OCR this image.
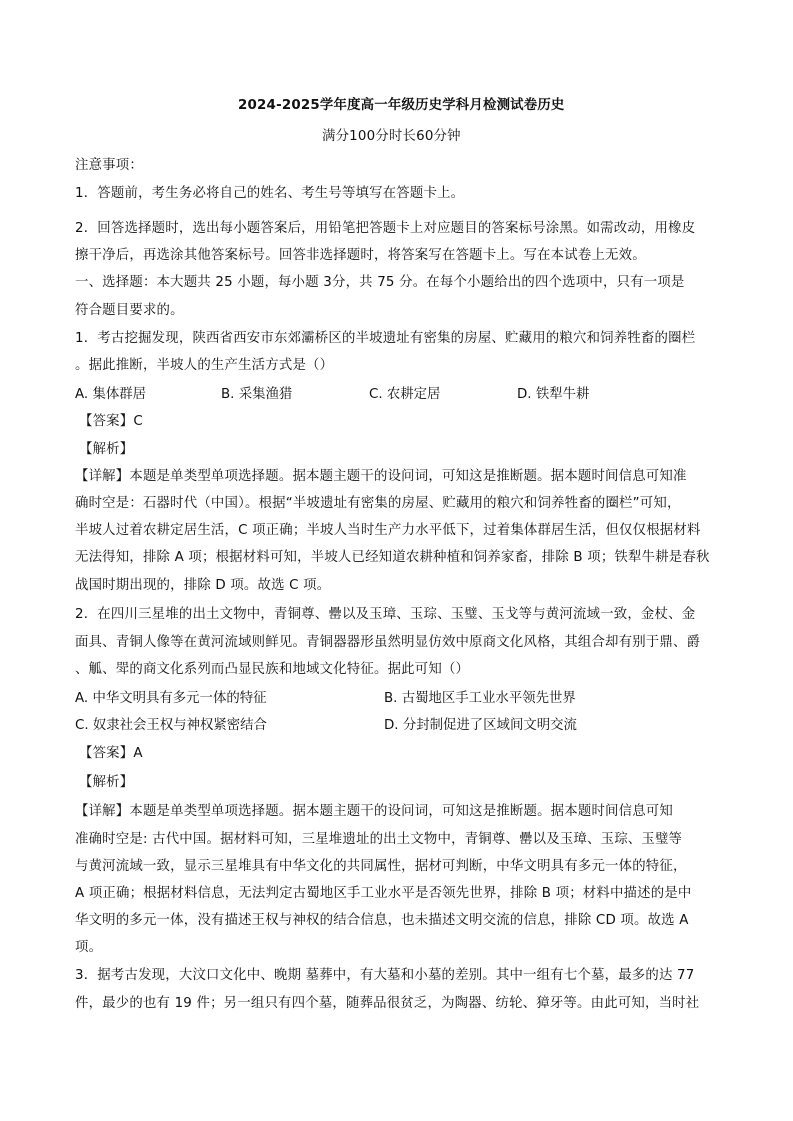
2024-2025学年度高一年级历史学科月检测试卷历史
满分100分时长60分钟
注意事项：
1．答题前，考生务必将自己的姓名、考生号等填写在答题卡上。
2．回答选择题时，选出每小题答案后，用铅笔把答题卡上对应题目的答案标号涂黑。如需改动，用橡皮
擦干净后，再选涂其他答案标号。回答非选择题时，将答案写在答题卡上。写在本试卷上无效。
一、选择题：本大题共 25 小题，每小题 3分，共 75 分。在每个小题给出的四个选项中，只有一项是
符合题目要求的。
1．考古挖掘发现，陕西省西安市东郊灞桥区的半坡遗址有密集的房屋、贮藏用的粮穴和饲养牲畜的圈栏
。据此推断，半坡人的生产生活方式是（）
A. 集体群居	B. 采集渔猎	C. 农耕定居	D. 铁犁牛耕
【答案】C
【解析】
【详解】本题是单类型单项选择题。据本题主题干的设问词，可知这是推断题。据本题时间信息可知准
确时空是：石器时代（中国）。根据“半坡遗址有密集的房屋、贮藏用的粮穴和饲养牲畜的圈栏”可知，
半坡人过着农耕定居生活，C 项正确；半坡人当时生产力水平低下，过着集体群居生活，但仅仅根据材料
无法得知，排除 A 项；根据材料可知，半坡人已经知道农耕种植和饲养家畜，排除 B 项；铁犁牛耕是春秋
战国时期出现的，排除 D 项。故选 C 项。
2．在四川三星堆的出土文物中，青铜尊、罍以及玉璋、玉琮、玉璧、玉戈等与黄河流域一致，金杖、金
面具、青铜人像等在黄河流域则鲜见。青铜器器形虽然明显仿效中原商文化风格，其组合却有别于鼎、爵
、觚、斝的商文化系列而凸显民族和地域文化特征。据此可知（）
A. 中华文明具有多元一体的特征	B. 古蜀地区手工业水平领先世界
C. 奴隶社会王权与神权紧密结合	D. 分封制促进了区域间文明交流
【答案】A
【解析】
【详解】本题是单类型单项选择题。据本题主题干的设问词，可知这是推断题。据本题时间信息可知
准确时空是: 古代中国。据材料可知，三星堆遗址的出土文物中，青铜尊、罍以及玉璋、玉琮、玉璧等
与黄河流域一致，显示三星堆具有中华文化的共同属性，据材可判断，中华文明具有多元一体的特征，
A 项正确；根据材料信息，无法判定古蜀地区手工业水平是否领先世界，排除 B 项；材料中描述的是中
华文明的多元一体，没有描述王权与神权的结合信息，也未描述文明交流的信息，排除 CD 项。故选 A
项。
3．据考古发现，大汶口文化中、晚期 墓葬中，有大墓和小墓的差别。其中一组有七个墓，最多的达 77
件，最少的也有 19 件；另一组只有四个墓，随葬品很贫乏，为陶器、纺轮、獐牙等。由此可知，当时社
